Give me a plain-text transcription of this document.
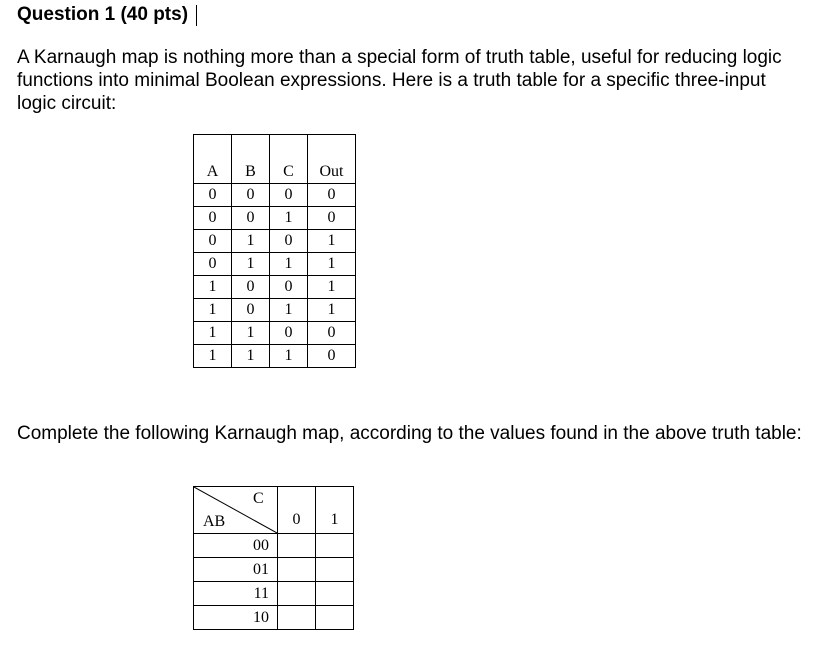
Question 1 (40 pts)
A Karnaugh map is nothing more than a special form of truth table, useful for reducing logic functions into minimal Boolean expressions. Here is a truth table for a specific three-input logic circuit:
A	B	C	Out
0	0	0	0
0	0	1	0
0	1	0	1
0	1	1	1
1	0	0	1
1	0	1	1
1	1	0	0
1	1	1	0
Complete the following Karnaugh map, according to the values found in the above truth table:
C
AB	0	1
00		
01		
11		
10		
